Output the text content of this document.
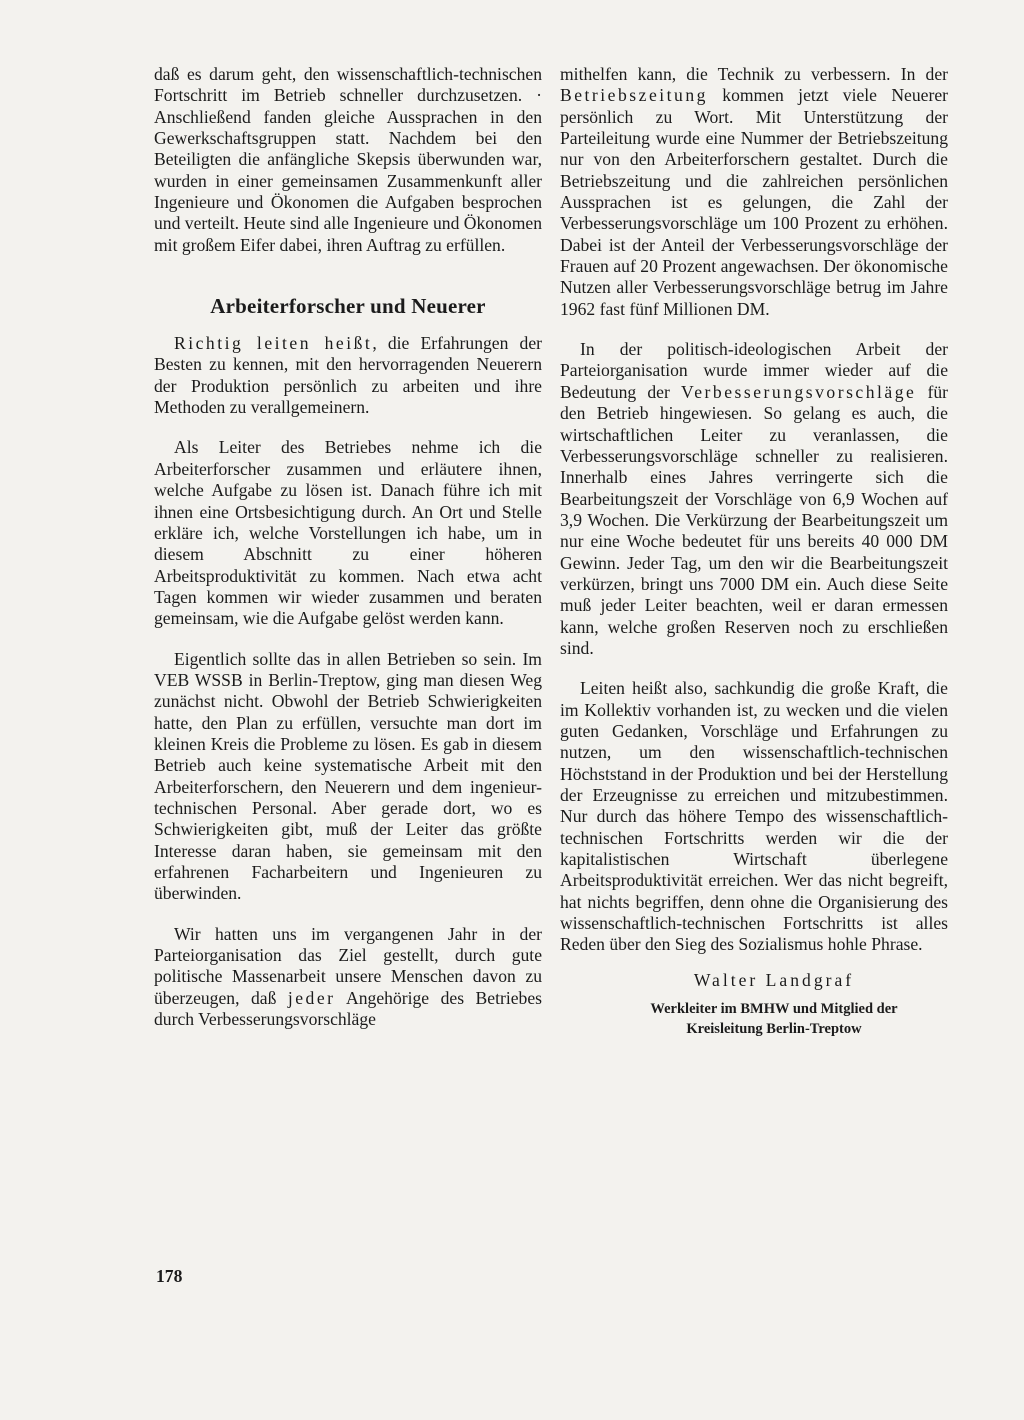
daß es darum geht, den wissenschaftlich-technischen Fortschritt im Betrieb schneller durchzusetzen. · Anschließend fanden gleiche Aussprachen in den Gewerkschaftsgruppen statt. Nachdem bei den Beteiligten die anfängliche Skepsis überwunden war, wurden in einer gemeinsamen Zusammenkunft aller Ingenieure und Ökonomen die Aufgaben besprochen und verteilt. Heute sind alle Ingenieure und Ökonomen mit großem Eifer dabei, ihren Auftrag zu erfüllen.

Arbeiterforscher und Neuerer

Richtig leiten heißt, die Erfahrungen der Besten zu kennen, mit den hervorragenden Neuerern der Produktion persönlich zu arbeiten und ihre Methoden zu verallgemeinern.

Als Leiter des Betriebes nehme ich die Arbeiterforscher zusammen und erläutere ihnen, welche Aufgabe zu lösen ist. Danach führe ich mit ihnen eine Ortsbesichtigung durch. An Ort und Stelle erkläre ich, welche Vorstellungen ich habe, um in diesem Abschnitt zu einer höheren Arbeitsproduktivität zu kommen. Nach etwa acht Tagen kommen wir wieder zusammen und beraten gemeinsam, wie die Aufgabe gelöst werden kann.

Eigentlich sollte das in allen Betrieben so sein. Im VEB WSSB in Berlin-Treptow, ging man diesen Weg zunächst nicht. Obwohl der Betrieb Schwierigkeiten hatte, den Plan zu erfüllen, versuchte man dort im kleinen Kreis die Probleme zu lösen. Es gab in diesem Betrieb auch keine systematische Arbeit mit den Arbeiterforschern, den Neuerern und dem ingenieur-technischen Personal. Aber gerade dort, wo es Schwierigkeiten gibt, muß der Leiter das größte Interesse daran haben, sie gemeinsam mit den erfahrenen Facharbeitern und Ingenieuren zu überwinden.

Wir hatten uns im vergangenen Jahr in der Parteiorganisation das Ziel gestellt, durch gute politische Massenarbeit unsere Menschen davon zu überzeugen, daß jeder Angehörige des Betriebes durch Verbesserungsvorschläge

mithelfen kann, die Technik zu verbessern. In der Betriebszeitung kommen jetzt viele Neuerer persönlich zu Wort. Mit Unterstützung der Parteileitung wurde eine Nummer der Betriebszeitung nur von den Arbeiterforschern gestaltet. Durch die Betriebszeitung und die zahlreichen persönlichen Aussprachen ist es gelungen, die Zahl der Verbesserungsvorschläge um 100 Prozent zu erhöhen. Dabei ist der Anteil der Verbesserungsvorschläge der Frauen auf 20 Prozent angewachsen. Der ökonomische Nutzen aller Verbesserungsvorschläge betrug im Jahre 1962 fast fünf Millionen DM.

In der politisch-ideologischen Arbeit der Parteiorganisation wurde immer wieder auf die Bedeutung der Verbesserungsvorschläge für den Betrieb hingewiesen. So gelang es auch, die wirtschaftlichen Leiter zu veranlassen, die Verbesserungsvorschläge schneller zu realisieren. Innerhalb eines Jahres verringerte sich die Bearbeitungszeit der Vorschläge von 6,9 Wochen auf 3,9 Wochen. Die Verkürzung der Bearbeitungszeit um nur eine Woche bedeutet für uns bereits 40 000 DM Gewinn. Jeder Tag, um den wir die Bearbeitungszeit verkürzen, bringt uns 7000 DM ein. Auch diese Seite muß jeder Leiter beachten, weil er daran ermessen kann, welche großen Reserven noch zu erschließen sind.

Leiten heißt also, sachkundig die große Kraft, die im Kollektiv vorhanden ist, zu wecken und die vielen guten Gedanken, Vorschläge und Erfahrungen zu nutzen, um den wissenschaftlich-technischen Höchststand in der Produktion und bei der Herstellung der Erzeugnisse zu erreichen und mitzubestimmen. Nur durch das höhere Tempo des wissenschaftlich-technischen Fortschritts werden wir die der kapitalistischen Wirtschaft überlegene Arbeitsproduktivität erreichen. Wer das nicht begreift, hat nichts begriffen, denn ohne die Organisierung des wissenschaftlich-technischen Fortschritts ist alles Reden über den Sieg des Sozialismus hohle Phrase.

Walter Landgraf
Werkleiter im BMHW und Mitglied der
Kreisleitung Berlin-Treptow
178
